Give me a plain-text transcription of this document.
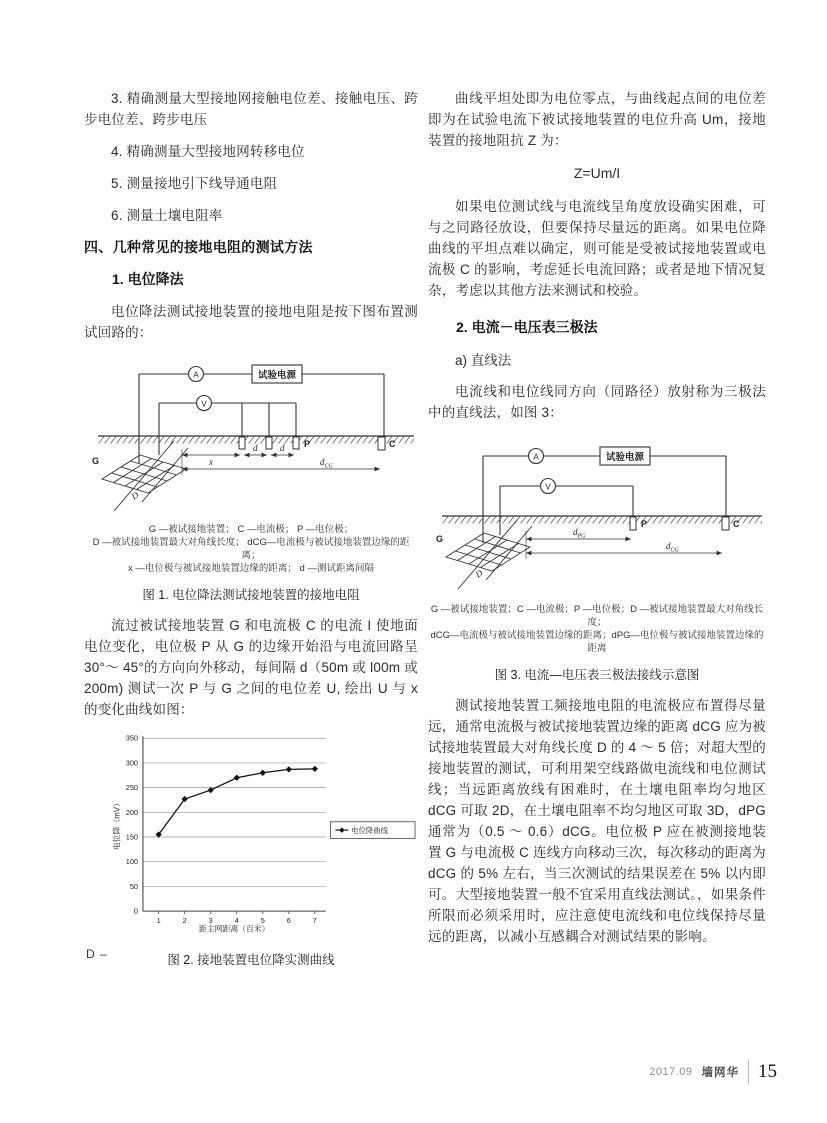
3. 精确测量大型接地网接触电位差、接触电压、跨步电位差、跨步电压

4. 精确测量大型接地网转移电位

5. 测量接地引下线导通电阻

6. 测量土壤电阻率

四、几种常见的接地电阻的测试方法
1. 电位降法

电位降法测试接地装置的接地电阻是按下图布置测试回路的：

A
V
试验电源
G
P	C
x
d	d
$d_{CG}$
D
G —被试接地装置； C —电流极； P —电位极；
D —被试接地装置最大对角线长度； dCG—电流极与被试接地装置边缘的距离；
x —电位极与被试接地装置边缘的距离； d —测试距离间隔
图 1. 电位降法测试接地装置的接地电阻

流过被试接地装置 G 和电流极 C 的电流 I 使地面电位变化，电位极 P 从 G 的边缘开始沿与电流回路呈 30°～ 45°的方向向外移动，每间隔 d（50m 或 l00m 或 200m) 测试一次 P 与 G 之间的电位差 U, 绘出 U 与 x 的变化曲线如图：

0
50
100
150
200
250
300
350
1	2	3	4	5	6	7
电位降（mV）
距主网距离（百米）
电位降曲线
图 2. 接地装置电位降实测曲线
D –

曲线平坦处即为电位零点，与曲线起点间的电位差即为在试验电流下被试接地装置的电位升高 Um，接地装置的接地阻抗 Z 为：

Z=Um/I

如果电位测试线与电流线呈角度放设确实困难，可与之同路径放设，但要保持尽量远的距离。如果电位降曲线的平坦点难以确定，则可能是受被试接地装置或电流极 C 的影响，考虑延长电流回路；或者是地下情况复杂，考虑以其他方法来测试和校验。

2. 电流－电压表三极法

a) 直线法

电流线和电位线同方向（同路径）放射称为三极法中的直线法，如图 3：

A
V
试验电源
G
P	C
$d_{PG}$
$d_{CG}$
D
G —被试接地装置；C —电流极；P —电位极；D —被试接地装置最大对角线长度；
dCG—电流极与被试接地装置边缘的距离；dPG—电位极与被试接地装置边缘的距离
图 3. 电流—电压表三极法接线示意图

测试接地装置工频接地电阻的电流极应布置得尽量远，通常电流极与被试接地装置边缘的距离 dCG 应为被试接地装置最大对角线长度 D 的 4 ～ 5 倍；对超大型的接地装置的测试，可利用架空线路做电流线和电位测试线；当远距离放线有困难时，在土壤电阻率均匀地区 dCG 可取 2D，在土壤电阻率不均匀地区可取 3D，dPG 通常为（0.5 ～ 0.6）dCG。电位极 P 应在被测接地装置 G 与电流极 C 连线方向移动三次，每次移动的距离为 dCG 的 5% 左右，当三次测试的结果误差在 5% 以内即可。大型接地装置一般不宜采用直线法测试。，如果条件所限而必须采用时，应注意使电流线和电位线保持尽量远的距离，以减小互感耦合对测试结果的影响。

2017.09 墙网华 15
